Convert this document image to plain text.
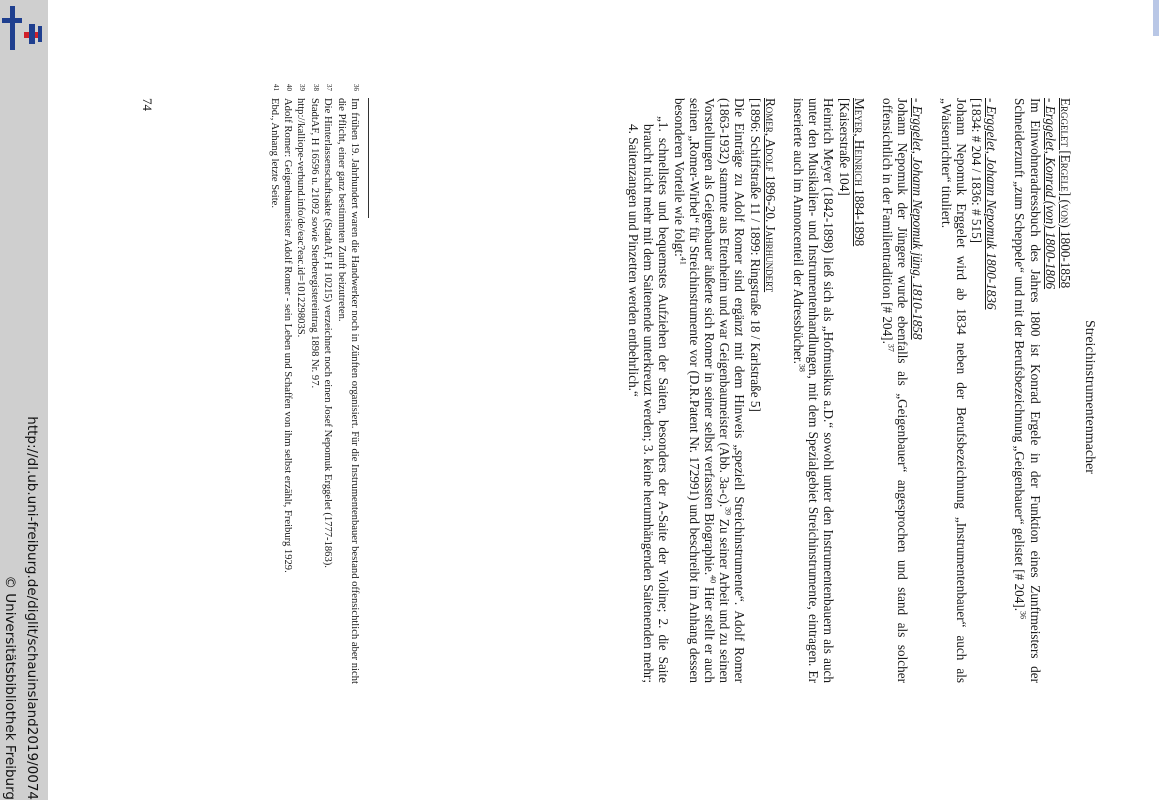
http://dl.ub.uni-freiburg.de/diglit/schauinsland2019/0074
© Universitätsbibliothek Freiburg
Streichinstrumentenmacher

Erggelet [Ergele] (von) 1800-1858

- Erggelet, Konrad (von) 1800-1806

Im Einwohneradressbuch des Jahres 1800 ist Konrad Ergele in der Funktion eines Zunftmeisters der Schneiderzunft „zum Scheppele“ und mit der Berufsbezeichnung „Geigenbauer“ gelistet [# 204].$^{36}$

- Erggelet, Johann Nepomuk 1800-1836

[1834: # 204 / 1836: # 515]

Johann Nepomuk Erggelet wird ab 1834 neben der Berufsbezeichnung „Instrumentenbauer“ auch als „Waisenrichter“ tituliert.

- Erggelet, Johann Nepomuk jüng. 1810-1858

Johann Nepomuk der Jüngere wurde ebenfalls als „Geigenbauer“ angesprochen und stand als solcher offensichtlich in der Familientradition [# 204].$^{37}$

Meyer, Heinrich 1884-1898

[Kaiserstraße 104]

Heinrich Meyer (1842-1898) ließ sich als „Hofmusikus a.D.“ sowohl unter den Instrumentenbauern als auch unter den Musikalien- und Instrumentenhandlungen, mit dem Spezialgebiet Streichinstrumente, eintragen. Er inserierte auch im Annoncenteil der Adressbücher.$^{38}$

Romer, Adolf 1896-20. Jahrhundert

[1896: Schiffstraße 11 / 1899: Ringstraße 18 / Karlstraße 5]

Die Einträge zu Adolf Romer sind ergänzt mit dem Hinweis „speziell Streichinstrumente“. Adolf Romer (1863-1932) stammte aus Ettenheim und war Geigenbaumeister (Abb. 3a-c).$^{39}$ Zu seiner Arbeit und zu seinen Vorstellungen als Geigenbauer äußerte sich Romer in seiner selbst verfassten Biographie.$^{40}$ Hier stellt er auch seinen „Romer-Wirbel“ für Streichinstrumente vor (D.R.Patent Nr. 172991) und beschreibt im Anhang dessen besonderen Vorteile wie folgt:$^{41}$

„1. schnellstes und bequemstes Aufziehen der Saiten, besonders der A-Saite der Violine; 2. die Saite braucht nicht mehr mit dem Saitenende unterkreuzt werden; 3. keine herumhängenden Saitenenden mehr; 4. Saitenzangen und Pinzetten werden entbehrlich.“

36
Im frühen 19. Jahrhundert waren die Handwerker noch in Zünften organisiert. Für die Instrumentenbauer bestand offensichtlich aber nicht die Pflicht, einer ganz bestimmten Zunft beizutreten.
37
Die Hinterlassenschaftsakte (StadtAF, H 10215) verzeichnet noch einen Josef Nepomuk Erggelet (1777-1863).
38
StadtAF, H 16596 u. 21092 sowie Sterberegistereintrag 1898 Nr. 97.
39
http://kalliope-verbund.info/de/eac?eac.id=101229803S.
40
Adolf Romer: Geigenbaumeister Adolf Romer - sein Leben und Schaffen von ihm selbst erzählt, Freiburg 1929.
41
Ebd., Anhang letzte Seite.
74
